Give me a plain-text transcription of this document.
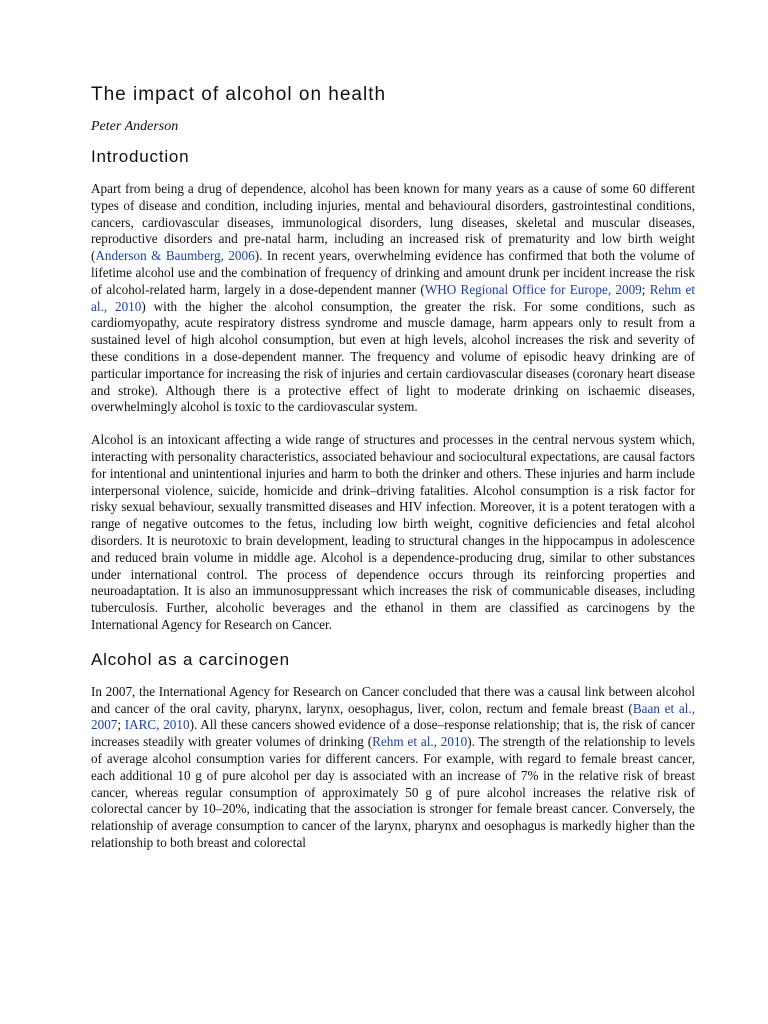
The impact of alcohol on health
Peter Anderson
Introduction

Apart from being a drug of dependence, alcohol has been known for many years as a cause of some 60 different types of disease and condition, including injuries, mental and behavioural disorders, gastrointestinal conditions, cancers, cardiovascular diseases, immunological disorders, lung diseases, skeletal and muscular diseases, reproductive disorders and pre-natal harm, including an increased risk of prematurity and low birth weight (Anderson & Baumberg, 2006). In recent years, overwhelming evidence has confirmed that both the volume of lifetime alcohol use and the combination of frequency of drinking and amount drunk per incident increase the risk of alcohol-related harm, largely in a dose-dependent manner (WHO Regional Office for Europe, 2009; Rehm et al., 2010) with the higher the alcohol consumption, the greater the risk. For some conditions, such as cardiomyopathy, acute respiratory distress syndrome and muscle damage, harm appears only to result from a sustained level of high alcohol consumption, but even at high levels, alcohol increases the risk and severity of these conditions in a dose-dependent manner. The frequency and volume of episodic heavy drinking are of particular importance for increasing the risk of injuries and certain cardiovascular diseases (coronary heart disease and stroke). Although there is a protective effect of light to moderate drinking on ischaemic diseases, overwhelmingly alcohol is toxic to the cardiovascular system.

Alcohol is an intoxicant affecting a wide range of structures and processes in the central nervous system which, interacting with personality characteristics, associated behaviour and sociocultural expectations, are causal factors for intentional and unintentional injuries and harm to both the drinker and others. These injuries and harm include interpersonal violence, suicide, homicide and drink–driving fatalities. Alcohol consumption is a risk factor for risky sexual behaviour, sexually transmitted diseases and HIV infection. Moreover, it is a potent teratogen with a range of negative outcomes to the fetus, including low birth weight, cognitive deficiencies and fetal alcohol disorders. It is neurotoxic to brain development, leading to structural changes in the hippocampus in adolescence and reduced brain volume in middle age. Alcohol is a dependence-producing drug, similar to other substances under international control. The process of dependence occurs through its reinforcing properties and neuroadaptation. It is also an immunosuppressant which increases the risk of communicable diseases, including tuberculosis. Further, alcoholic beverages and the ethanol in them are classified as carcinogens by the International Agency for Research on Cancer.

Alcohol as a carcinogen

In 2007, the International Agency for Research on Cancer concluded that there was a causal link between alcohol and cancer of the oral cavity, pharynx, larynx, oesophagus, liver, colon, rectum and female breast (Baan et al., 2007; IARC, 2010). All these cancers showed evidence of a dose–response relationship; that is, the risk of cancer increases steadily with greater volumes of drinking (Rehm et al., 2010). The strength of the relationship to levels of average alcohol consumption varies for different cancers. For example, with regard to female breast cancer, each additional 10 g of pure alcohol per day is associated with an increase of 7% in the relative risk of breast cancer, whereas regular consumption of approximately 50 g of pure alcohol increases the relative risk of colorectal cancer by 10–20%, indicating that the association is stronger for female breast cancer. Conversely, the relationship of average consumption to cancer of the larynx, pharynx and oesophagus is markedly higher than the relationship to both breast and colorectal
